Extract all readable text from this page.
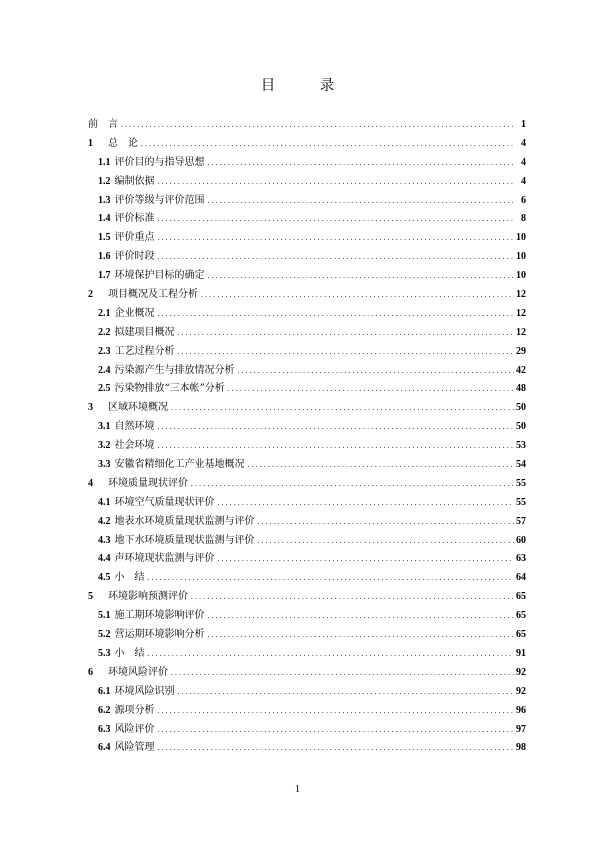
目 录
前　言 .....	1
1	总　论 .....	4
1.1 评价目的与指导思想 .....	4
1.2 编制依据 .....	4
1.3 评价等级与评价范围 .....	6
1.4 评价标准 .....	8
1.5 评价重点 .....	10
1.6 评价时段 .....	10
1.7 环境保护目标的确定 .....	10
2	项目概况及工程分析 .....	12
2.1 企业概况 .....	12
2.2 拟建项目概况 .....	12
2.3 工艺过程分析 .....	29
2.4 污染源产生与排放情况分析 .....	42
2.5 污染物排放“三本帐”分析 .....	48
3	区域环境概况 .....	50
3.1 自然环境 .....	50
3.2 社会环境 .....	53
3.3 安徽省精细化工产业基地概况 .....	54
4	环境质量现状评价 .....	55
4.1 环境空气质量现状评价 .....	55
4.2 地表水环境质量现状监测与评价 .....	57
4.3 地下水环境质量现状监测与评价 .....	60
4.4 声环境现状监测与评价 .....	63
4.5 小　结 .....	64
5	环境影响预测评价 .....	65
5.1 施工期环境影响评价 .....	65
5.2 营运期环境影响分析 .....	65
5.3 小　结 .....	91
6	环境风险评价 .....	92
6.1 环境风险识别 .....	92
6.2 源项分析 .....	96
6.3 风险评价 .....	97
6.4 风险管理 .....	98
1
